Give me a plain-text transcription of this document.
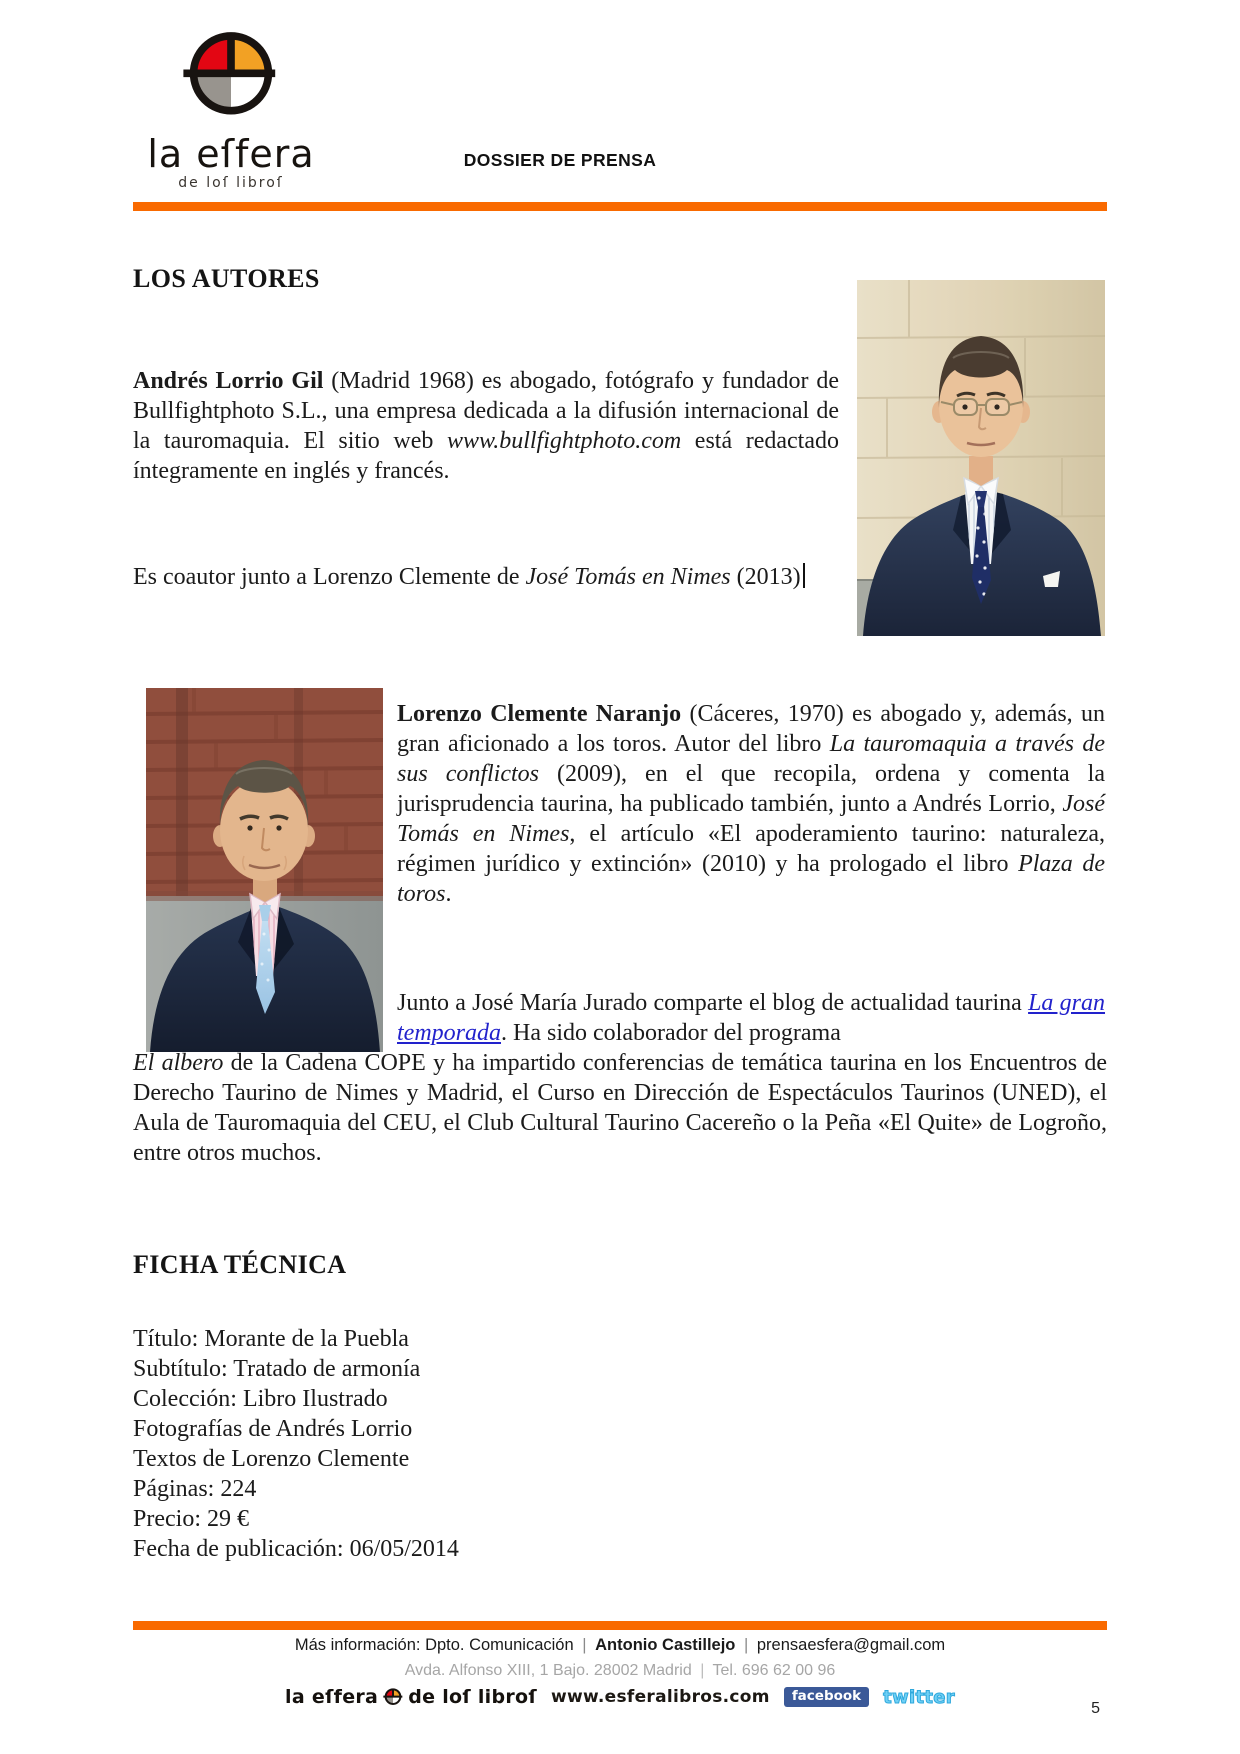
la eſfera
de loſ libroſ
DOSSIER DE PRENSA
LOS AUTORES
Andrés Lorrio Gil (Madrid 1968) es abogado, fotógrafo y fundador de Bullfightphoto S.L., una empresa dedicada a la difusión internacional de la tauromaquia. El sitio web www.bullfightphoto.com está redactado íntegramente en inglés y francés.
Es coautor junto a Lorenzo Clemente de José Tomás en Nimes (2013)
Lorenzo Clemente Naranjo (Cáceres, 1970) es abogado y, además, un gran aficionado a los toros. Autor del libro La tauromaquia a través de sus conflictos (2009), en el que recopila, ordena y comenta la jurisprudencia taurina, ha publicado también, junto a Andrés Lorrio, José Tomás en Nimes, el artículo «El apoderamiento taurino: naturaleza, régimen jurídico y extinción» (2010) y ha prologado el libro Plaza de toros.
Junto a José María Jurado comparte el blog de actualidad taurina La gran temporada. Ha sido colaborador del programa
El albero de la Cadena COPE y ha impartido conferencias de temática taurina en los Encuentros de Derecho Taurino de Nimes y Madrid, el Curso en Dirección de Espectáculos Taurinos (UNED), el Aula de Tauromaquia del CEU, el Club Cultural Taurino Cacereño o la Peña «El Quite» de Logroño, entre otros muchos.
FICHA TÉCNICA
Título: Morante de la Puebla
Subtítulo: Tratado de armonía
Colección: Libro Ilustrado
Fotografías de Andrés Lorrio
Textos de Lorenzo Clemente
Páginas: 224
Precio: 29 €
Fecha de publicación: 06/05/2014
Más información: Dpto. Comunicación | Antonio Castillejo | prensaesfera@gmail.com
Avda. Alfonso XIII, 1 Bajo. 28002 Madrid | Tel. 696 62 00 96
la eſfera de loſ libroſ www.esferalibros.com	facebook	twitter
5
